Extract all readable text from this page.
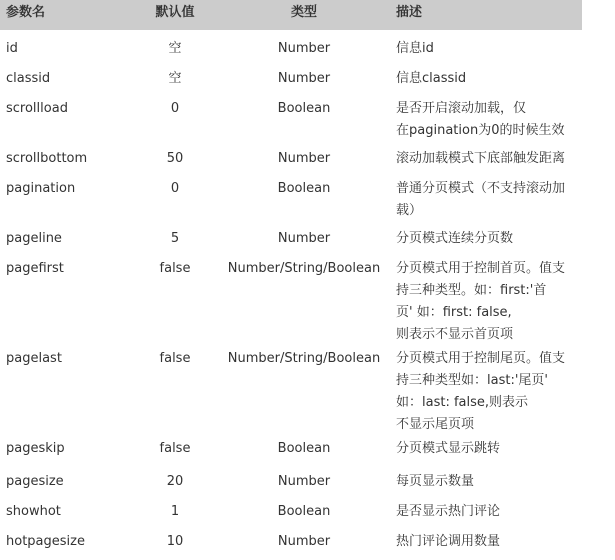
参数名	默认值	类型	描述
id	空	Number	信息id
classid	空	Number	信息classid
scrollload	0	Boolean	是否开启滚动加载，仅
在pagination为0的时候生效
scrollbottom	50	Number	滚动加载模式下底部触发距离
pagination	0	Boolean	普通分页模式（不支持滚动加
载）
pageline	5	Number	分页模式连续分页数
pagefirst	false	Number/String/Boolean 分页模式用于控制首页。值支
持三种类型。如：first:'首
页' 如：first: false,
则表示不显示首页项
pagelast	false	Number/String/Boolean 分页模式用于控制尾页。值支
持三种类型如：last:'尾页'
如：last: false,则表示
不显示尾页项
pageskip	false	Boolean	分页模式显示跳转
pagesize	20	Number	每页显示数量
showhot	1	Boolean	是否显示热门评论
hotpagesize	10	Number	热门评论调用数量
